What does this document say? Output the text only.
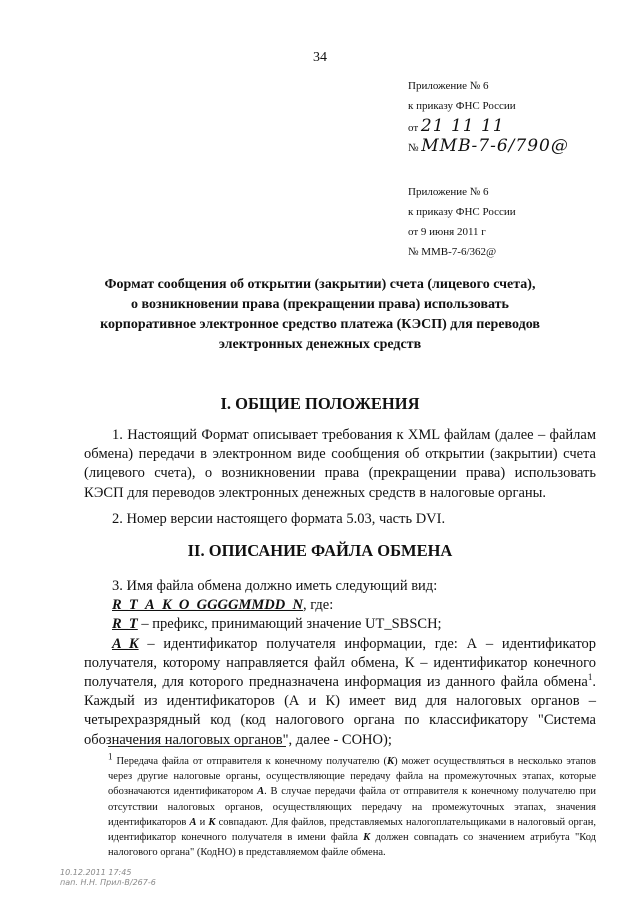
34
Приложение № 6
к приказу ФНС России
от 21 11 11
№ ММВ-7-6/790@
Приложение № 6
к приказу ФНС России
от 9 июня 2011 г
№ ММВ-7-6/362@
Формат сообщения об открытии (закрытии) счета (лицевого счета),
о возникновении права (прекращении права) использовать
корпоративное электронное средство платежа (КЭСП) для переводов
электронных денежных средств
I. ОБЩИЕ ПОЛОЖЕНИЯ
1. Настоящий Формат описывает требования к XML файлам (далее – файлам обмена) передачи в электронном виде сообщения об открытии (закрытии) счета (лицевого счета), о возникновении права (прекращении права) использовать КЭСП для переводов электронных денежных средств в налоговые органы.
2. Номер версии настоящего формата 5.03, часть DVI.
II. ОПИСАНИЕ ФАЙЛА ОБМЕНА
3. Имя файла обмена должно иметь следующий вид:
R_T_A_K_O_GGGGMMDD_N, где:
R_T – префикс, принимающий значение UT_SBSCH;
A_K – идентификатор получателя информации, где: А – идентификатор получателя, которому направляется файл обмена, К – идентификатор конечного получателя, для которого предназначена информация из данного файла обмена$^1$. Каждый из идентификаторов (А и К) имеет вид для налоговых органов – четырехразрядный код (код налогового органа по классификатору "Система обозначения налоговых органов", далее - СОНО);
$^1$ Передача файла от отправителя к конечному получателю (К) может осуществляться в несколько этапов через другие налоговые органы, осуществляющие передачу файла на промежуточных этапах, которые обозначаются идентификатором А. В случае передачи файла от отправителя к конечному получателю при отсутствии налоговых органов, осуществляющих передачу на промежуточных этапах, значения идентификаторов А и К совпадают. Для файлов, представляемых налогоплательщиками в налоговый орган, идентификатор конечного получателя в имени файла К должен совпадать со значением атрибута "Код налогового органа" (КодНО) в представляемом файле обмена.
10.12.2011 17:45
пап. Н.Н. Прил-В/267-6
